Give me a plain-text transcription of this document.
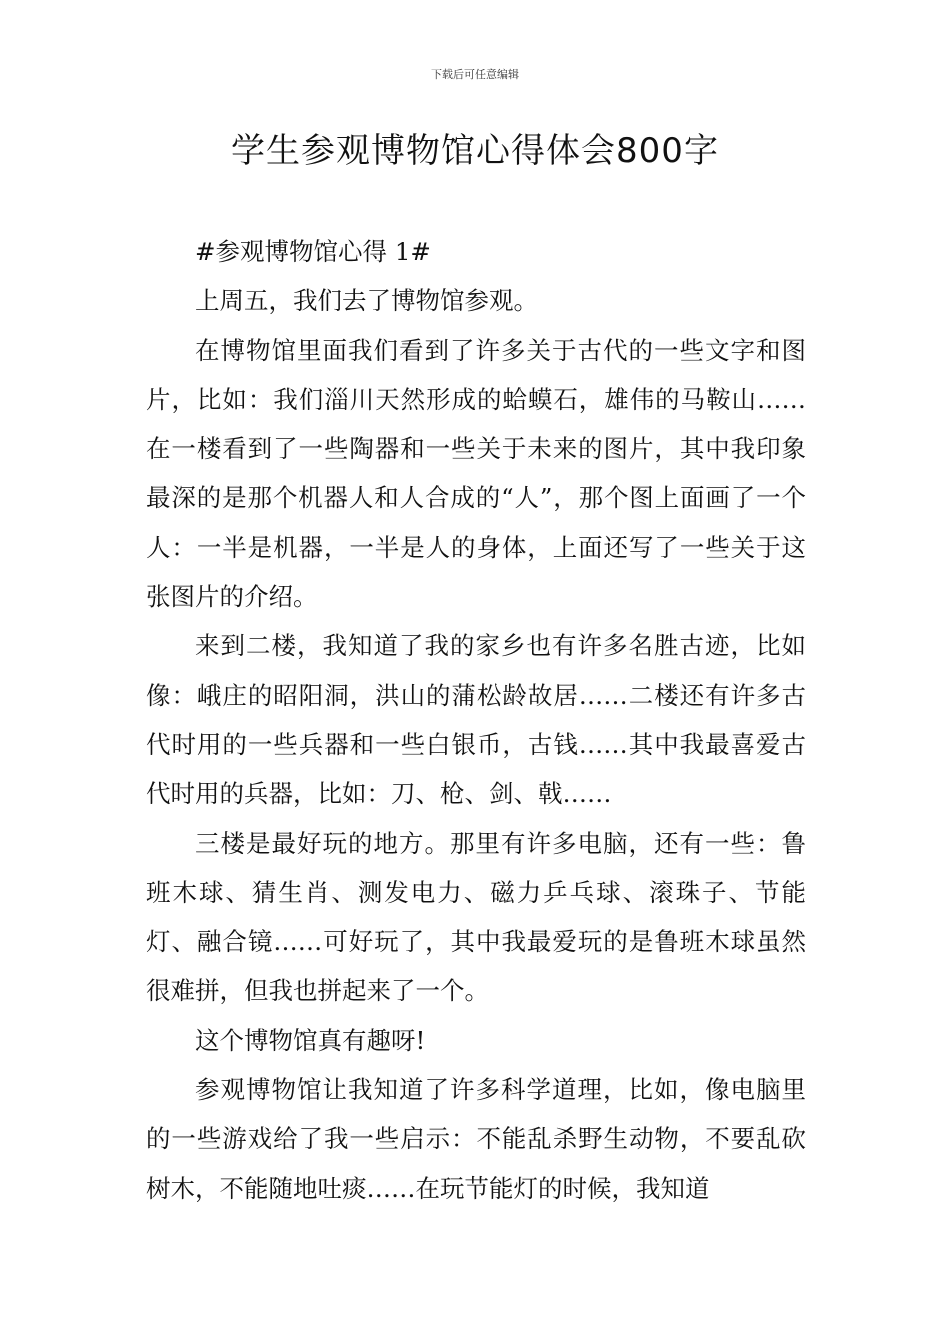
下载后可任意编辑
学生参观博物馆心得体会800字

#参观博物馆心得 1#

上周五，我们去了博物馆参观。

在博物馆里面我们看到了许多关于古代的一些文字和图片，比如：我们淄川天然形成的蛤蟆石，雄伟的马鞍山……在一楼看到了一些陶器和一些关于未来的图片，其中我印象最深的是那个机器人和人合成的“人”，那个图上面画了一个人：一半是机器，一半是人的身体，上面还写了一些关于这张图片的介绍。

来到二楼，我知道了我的家乡也有许多名胜古迹，比如像：峨庄的昭阳洞，洪山的蒲松龄故居……二楼还有许多古代时用的一些兵器和一些白银币，古钱……其中我最喜爱古代时用的兵器，比如：刀、枪、剑、戟……

三楼是最好玩的地方。那里有许多电脑，还有一些：鲁班木球、猜生肖、测发电力、磁力乒乓球、滚珠子、节能灯、融合镜……可好玩了，其中我最爱玩的是鲁班木球虽然很难拼，但我也拼起来了一个。

这个博物馆真有趣呀!

参观博物馆让我知道了许多科学道理，比如，像电脑里的一些游戏给了我一些启示：不能乱杀野生动物，不要乱砍树木，不能随地吐痰……在玩节能灯的时候，我知道
